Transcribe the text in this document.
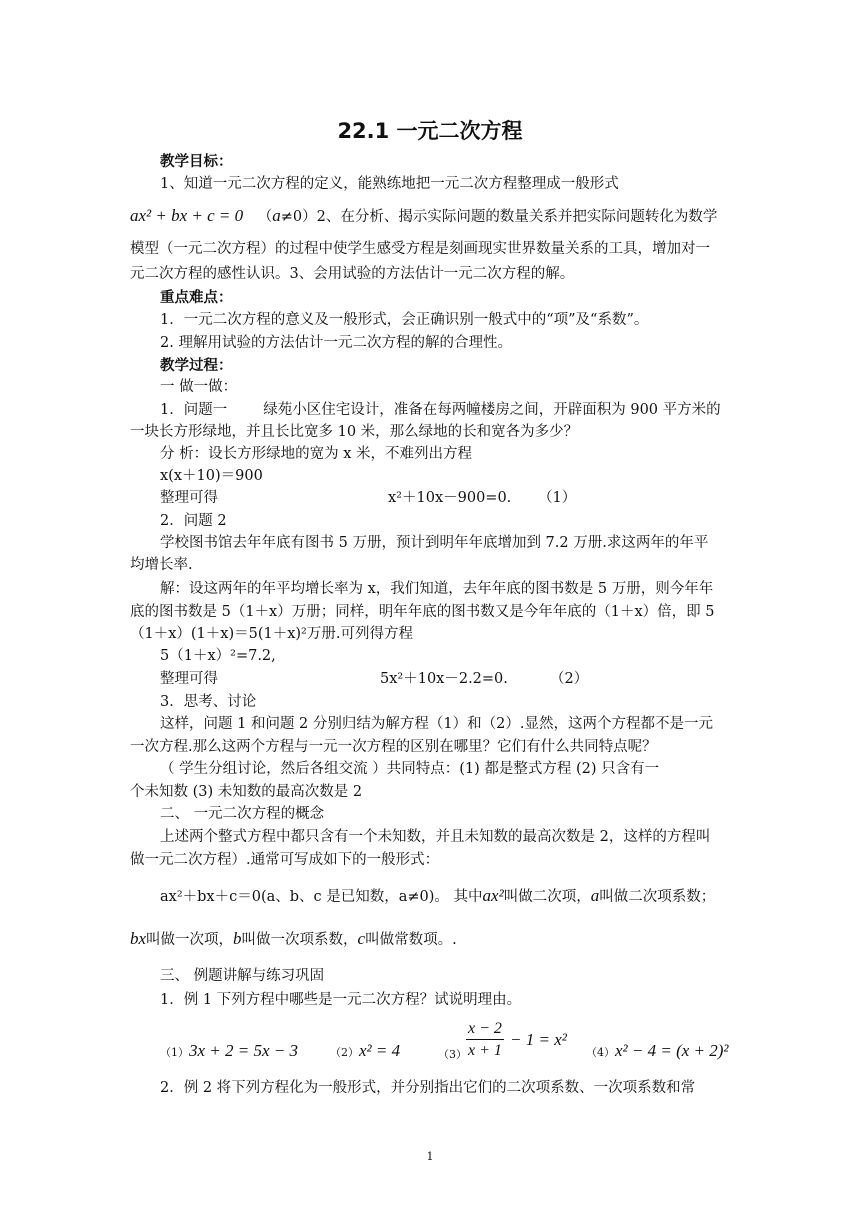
22.1 一元二次方程
教学目标：
1、知道一元二次方程的定义，能熟练地把一元二次方程整理成一般形式
ax² + bx + c = 0 （a≠0）2、在分析、揭示实际问题的数量关系并把实际问题转化为数学
模型（一元二次方程）的过程中使学生感受方程是刻画现实世界数量关系的工具，增加对一
元二次方程的感性认识。3、会用试验的方法估计一元二次方程的解。
重点难点：
1．一元二次方程的意义及一般形式，会正确识别一般式中的“项”及“系数”。
2. 理解用试验的方法估计一元二次方程的解的合理性。
教学过程：
一 做一做：
1．问题一 绿苑小区住宅设计，准备在每两幢楼房之间，开辟面积为 900 平方米的
一块长方形绿地，并且长比宽多 10 米，那么绿地的长和宽各为多少？
分 析：设长方形绿地的宽为 x 米，不难列出方程
x(x＋10)＝900
整理可得	x²＋10x－900=0. （1）
2．问题 2
学校图书馆去年年底有图书 5 万册，预计到明年年底增加到 7.2 万册.求这两年的年平
均增长率.
解：设这两年的年平均增长率为 x，我们知道，去年年底的图书数是 5 万册，则今年年
底的图书数是 5（1＋x）万册；同样，明年年底的图书数又是今年年底的（1＋x）倍，即 5
（1＋x）(1＋x)＝5(1＋x)²万册.可列得方程
5（1＋x）²=7.2,
整理可得	5x²＋10x－2.2=0.	（2）
3．思考、讨论
这样，问题 1 和问题 2 分别归结为解方程（1）和（2）.显然，这两个方程都不是一元
一次方程.那么这两个方程与一元一次方程的区别在哪里？它们有什么共同特点呢？
（ 学生分组讨论，然后各组交流 ）共同特点：(1) 都是整式方程 (2) 只含有一
个未知数 (3) 未知数的最高次数是 2
二、 一元二次方程的概念
上述两个整式方程中都只含有一个未知数，并且未知数的最高次数是 2，这样的方程叫
做一元二次方程）.通常可写成如下的一般形式：
ax²＋bx＋c＝0(a、b、c 是已知数，a≠0)。 其中ax²叫做二次项，a叫做二次项系数；
bx叫做一次项，b叫做一次项系数，c叫做常数项。.
三、 例题讲解与练习巩固
1．例 1 下列方程中哪些是一元二次方程？试说明理由。
（1）3x + 2 = 5x − 3	（2）x² = 4	$(3) \frac{x - 2}{x + 1} - 1 = x^2$
（4）x² − 4 = (x + 2)²
2．例 2 将下列方程化为一般形式，并分别指出它们的二次项系数、一次项系数和常
1
